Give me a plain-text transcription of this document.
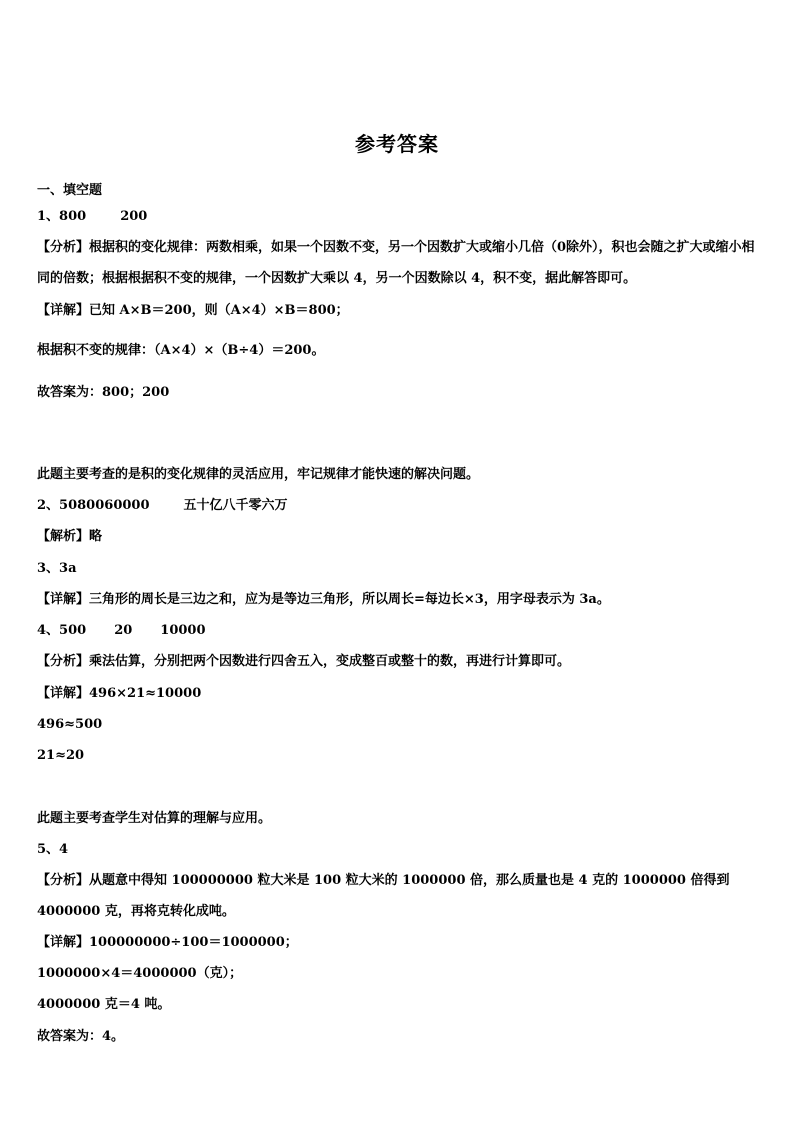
参考答案
一、填空题
1、800	200
【分析】根据积的变化规律：两数相乘，如果一个因数不变，另一个因数扩大或缩小几倍（0除外），积也会随之扩大或缩小相同的倍数；根据根据积不变的规律，一个因数扩大乘以 4，另一个因数除以 4，积不变，据此解答即可。
【详解】已知 A×B＝200，则（A×4）×B＝800；
根据积不变的规律：（A×4）×（B÷4）＝200。
故答案为：800；200
此题主要考查的是积的变化规律的灵活应用，牢记规律才能快速的解决问题。
2、5080060000	五十亿八千零六万
【解析】略
3、3a
【详解】三角形的周长是三边之和，应为是等边三角形，所以周长=每边长×3，用字母表示为 3a。
4、500 20 10000
【分析】乘法估算，分别把两个因数进行四舍五入，变成整百或整十的数，再进行计算即可。
【详解】496×21≈10000
496≈500
21≈20
此题主要考查学生对估算的理解与应用。
5、4
【分析】从题意中得知 100000000 粒大米是 100 粒大米的 1000000 倍，那么质量也是 4 克的 1000000 倍得到 4000000 克，再将克转化成吨。
【详解】100000000÷100＝1000000；
1000000×4＝4000000（克）；
4000000 克＝4 吨。
故答案为：4。
